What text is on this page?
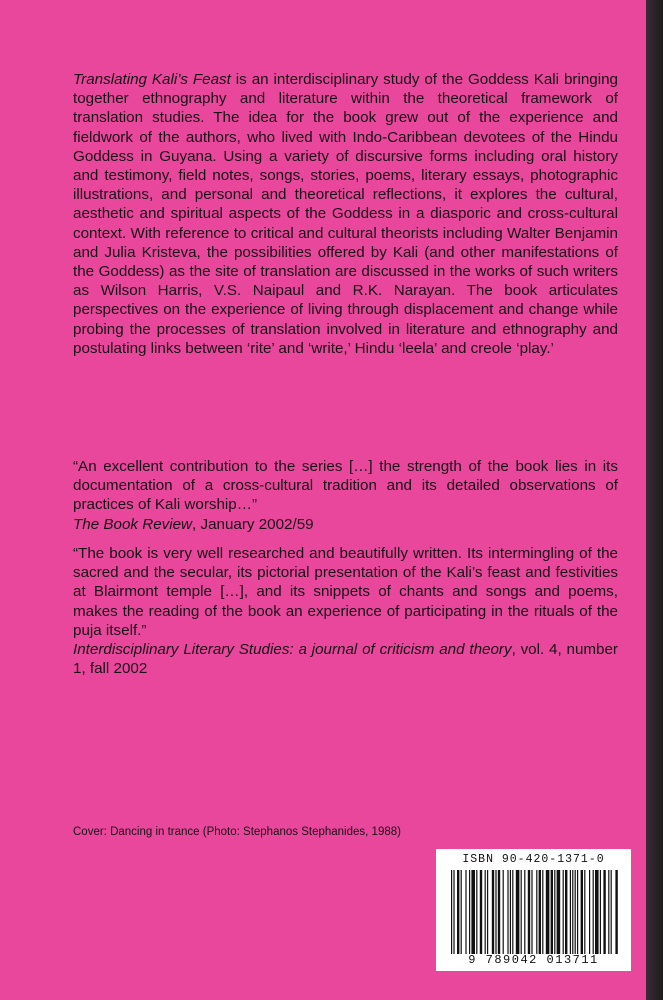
Translating Kali’s Feast is an interdisciplinary study of the Goddess Kali bringing together ethnography and literature within the theoretical framework of translation studies. The idea for the book grew out of the experience and fieldwork of the authors, who lived with Indo-Caribbean devotees of the Hindu Goddess in Guyana. Using a variety of discursive forms including oral history and testimony, field notes, songs, stories, poems, literary essays, photographic illustrations, and personal and theoretical reflections, it explores the cultural, aesthetic and spiritual aspects of the Goddess in a diasporic and cross-cultural context. With reference to critical and cultural theorists including Walter Benjamin and Julia Kristeva, the possibilities offered by Kali (and other manifestations of the Goddess) as the site of translation are discussed in the works of such writers as Wilson Harris, V.S. Naipaul and R.K. Narayan. The book articulates perspectives on the experience of living through displacement and change while probing the processes of translation involved in literature and ethnography and postulating links between ‘rite’ and ‘write,’ Hindu ‘leela’ and creole ‘play.’

“An excellent contribution to the series […] the strength of the book lies in its documentation of a cross-cultural tradition and its detailed observations of practices of Kali worship…”

The Book Review, January 2002/59

“The book is very well researched and beautifully written. Its intermingling of the sacred and the secular, its pictorial presentation of the Kali’s feast and festivities at Blairmont temple […], and its snippets of chants and songs and poems, makes the reading of the book an experience of participating in the rituals of the puja itself.”

Interdisciplinary Literary Studies: a journal of criticism and theory, vol. 4, number 1, fall 2002

Cover: Dancing in trance (Photo: Stephanos Stephanides, 1988)
ISBN 90-420-1371-0
9 789042 013711
